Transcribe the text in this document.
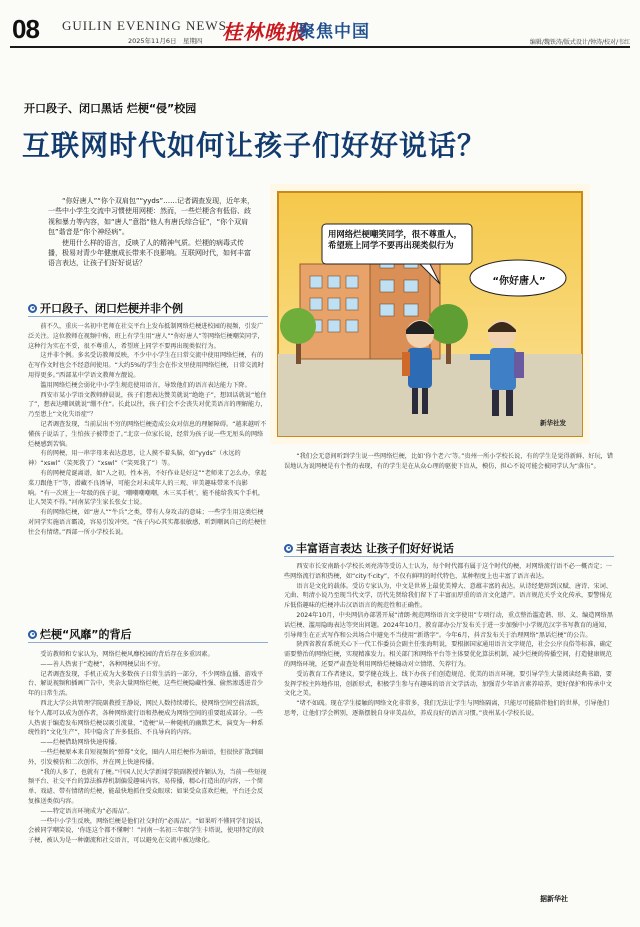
08 GUILIN EVENING NEWS
2025年11月6日　星期四 桂林晚报
聚焦中国
编辑/魏铁涛/版式设计/钟涛/校对/韦红
开口段子、闭口黑话 烂梗“侵”校园
互联网时代如何让孩子们好好说话？

“你好唐人”“你个双肩包”“yyds”……记者调查发现，近年来，一些中小学生交流中习惯使用网梗：然而，一些烂梗含有低俗、歧视和暴力等内容，如“唐人”意指“他人有唐氏综合征”，“你个双肩包”谐音是“你个神经病”。

使用什么样的语言，反映了人的精神气质。烂梗的病毒式传播，极易对青少年健康成长带来不良影响。互联网时代，如何丰富语言表达，让孩子们好好说话？

用网络烂梗嘲笑同学，很不尊重人，希望班上同学不要再出现类似行为
“你好唐人”
新华社发
开口段子、闭口烂梗并非个例

前不久，重庆一名初中老师在社交平台上发布抵制网络烂梗进校园的视频，引发广泛关注。这位教师在视频中称，班上有学生用“唐人”“你好唐人”等网络烂梗嘲笑同学，这种行为实在不妥，很不尊重人，希望班上同学不要再出现类似行为。

这并非个例。多名受访教师反映，不少中小学生在日常交流中使用网络烂梗，有的在写作文时也会不经意间使用。“大约5%的学生会在作文里使用网络烂梗，日常交流时用得更多。”西部某中学语文教师左靓说。

滥用网络烂梗会弱化中小学生规范使用语言，导致他们的语言表达能力下降。

西安市某小学语文教师薛晨说，孩子们想表达赞美就说“绝绝子”，想回话就说“尬住了”，想表达嘲讽就说“绷不住”。长此以往，孩子们会不会丧失对优美语言的理解能力，乃至患上“文化失语症”？

记者调查发现，当前层出不穷的网络烂梗造成公众对信息的理解障碍。“越来越听不懂孩子说话了，生怕孩子被带歪了。”北京一位家长说，经常为孩子说一些无厘头的网络烂梗感到苦恼。

有的网梗，用一串字母来表达意思，让人摸不着头脑，如“yyds”（永远的神）“xswl”（笑死我了）“xswl”（“笑死我了”）等。

有的网梗荒诞离谱，如“人之初，性本善，不好作业是好这”“老师来了怎么办，拿起菜刀跟他干”等，潜藏不良诱导，可能会对未成年人的三观、审美趣味带来不良影响。“有一次班上一年级的孩子说，‘嘲嘲嘲嘲嘲，木三买手机’，能不能给我买个手机，让人哭笑不得。”河南某学生家长张女士说。

有的网络烂梗，如“唐人”“牛兵”之类，带有人身攻击的意味；一些学生用这类烂梗对同学实施语言霸凌，容易引发冲突。“孩子内心其实都很敏感，听到嘲讽自己的烂梗往往会有情绪。”西部一所小学校长说。

烂梗“风靡”的背后

受访教师和专家认为，网络烂梗风靡校园的背后存在多重因素。

——善人热衷于“造梗”，各种网梗层出不穷。

记者调查发现，手机正成为大多数孩子日常生活的一部分，不少网络直播、游戏平台、解说视频和插画广告中，夹杂大量网络烂梗，这些烂梗隐藏性强、偷然渗透进青少年的日常生活。

西北大学公共管理学院副教授王静说，网民人数持续增长，使网络空间空前活跃，每个人都可以成为创作者，各种网络流行语和热梗成为网络空间的重要组成部分。一些人热衷于编造发布网络烂梗以吸引流量，“造梗”从一种随机的幽默艺术，演变为一种系统性的“文化生产”，其中隐含了许多低俗、不良导向的内容。

——烂梗借助网络快速传播。

一些烂梗原本来自短视频的“弹幕”文化，圈内人用烂梗作为暗语，但很快扩散到圈外，引发模仿和二次创作，并在网上快速传播。

“我的人多了，也就有了梗。”中国人民大学新闻学院副教授许颖认为，当前一些短视频平台、社交平台的算法推荐机制偏爱趣味内容，易传播，精心打造出的内容，一个简单、戏谑、带有情绪的烂梗，能最快地抓住受众眼球；如果受众喜欢烂梗，平台还会反复推送类似内容。

——特定语言环境成为“必需品”。

一些中小学生反映，网络烂梗是他们社交时的“必需品”。“如果听不懂同学们说话，会被同学嘲笑说，‘你连这个都不懂啊’！”河南一名初三年级学生卡塔说，使用特定的段子梗，被认为是一种潮流和社交语言，可以避免在交流中被边缘化。

“我们会无意间听到学生说一些网络烂梗，比如‘你个老六’等。”贵州一所小学校长说，有的学生是觉得新鲜、好玩，错误地认为说网梗是有个性的表现，有的学生是在从众心理的驱使下盲从，模仿，担心不说可能会被同学认为“落伍”。

丰富语言表达 让孩子们好好说话

西安市长安南路小学校长刘亮涛等受访人士认为，每个时代都有属于这个时代的梗，对网络流行语不必一概否定；一些网络流行语和热梗，如“city不city”，不仅有鲜明的时代特色，某种程度上也丰富了语言表达。

语言是文化的载体。受访专家认为，中文是世界上最优美博大、意蕴丰富的表达。从诗经楚辞到汉赋、唐诗、宋词、元曲、明清小说乃至现当代文学，历代先贤给我们留下了丰富而厚重的语言文化遗产。语言规范关乎文化传承，要警惕克斥低俗趣味的烂梗冲击汉语语言的规范性和正确性。

2024年10月，中央网信办部署开展“清朗·规范网络语言文字使用”专项行动，重点整治滥造谐、形、义、编造网络黑话烂梗、滥用隐晦表达等突出问题。2024年10月，教育部办公厅发布关于进一步加强中小学规范汉字书写教育的通知，引导师生在正式写作和公共场合中避免不当使用“新谐字”。今年6月，抖音发布关于治理网络“黑话烂梗”的公告。

陕西省教育系统关心下一代工作委员会副主任张海明说，要根据国家通用语言文字规范，社会公序良俗等标准，确定需要整治的网络烂梗，实现精准发力。相关部门和网络平台等主体要优化算法机制，减少烂梗的传播空间，打造健康规范的网络环境，还要严肃查处利用网络烂梗煽动对立情绪、矢荐行为。

受访教育工作者建议，要学健在线上、线下办孩子们创造规范、优美的语言环境，要引导学生大量阅读经典书籍，要发挥学校主阵地作用，创新形式，积极学生参与有趣味的语言文学活动，加强青少年语言素养培养，更好保护和传承中文文化之美。

“堵不如疏。现在学生接触的网络文化非常多，我们无法让学生与网络隔离，只能尽可能陪伴他们的世界，引导他们思考，让他们学会辨别，逐渐摆脱自身审美品位，养成良好的语言习惯。”贵州某小学校长说。

据新华社
